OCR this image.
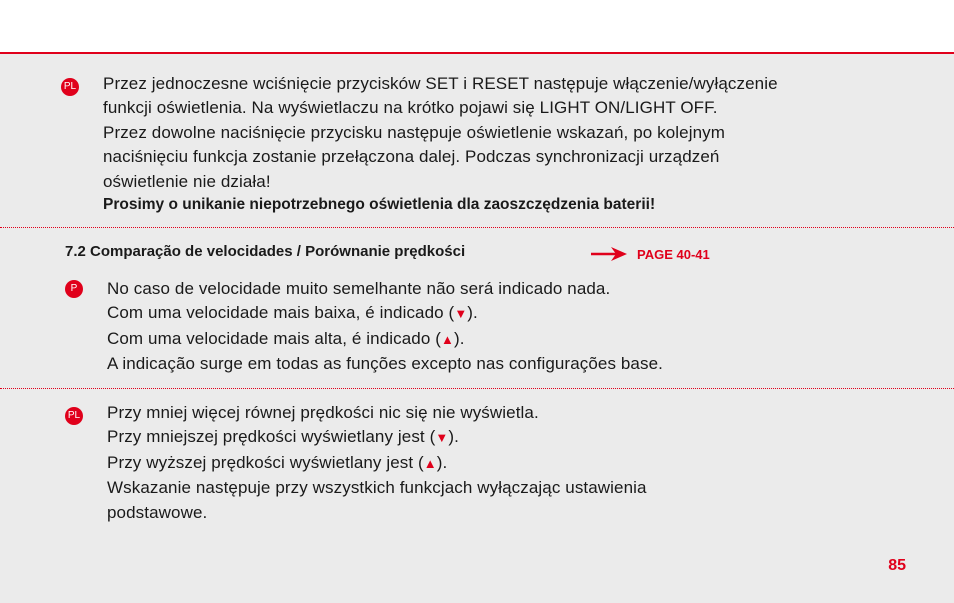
PL Przez jednoczesne wciśnięcie przycisków SET i RESET następuje włączenie/wyłączenie
funkcji oświetlenia. Na wyświetlaczu na krótko pojawi się LIGHT ON/LIGHT OFF.
Przez dowolne naciśnięcie przycisku następuje oświetlenie wskazań, po kolejnym
naciśnięciu funkcja zostanie przełączona dalej. Podczas synchronizacji urządzeń
oświetlenie nie działa!
Prosimy o unikanie niepotrzebnego oświetlenia dla zaoszczędzenia baterii!
7.2 Comparação de velocidades / Porównanie prędkości	PAGE 40-41
P	No caso de velocidade muito semelhante não será indicado nada.
Com uma velocidade mais baixa, é indicado (▼).
Com uma velocidade mais alta, é indicado (▲).
A indicação surge em todas as funções excepto nas configurações base.
PL Przy mniej więcej równej prędkości nic się nie wyświetla.
Przy mniejszej prędkości wyświetlany jest (▼).
Przy wyższej prędkości wyświetlany jest (▲).
Wskazanie następuje przy wszystkich funkcjach wyłączając ustawienia
podstawowe.
85
